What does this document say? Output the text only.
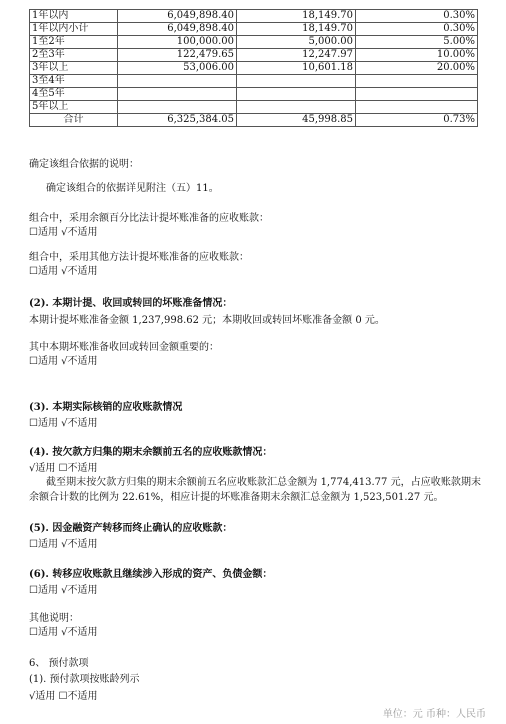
1年以内	6,049,898.40	18,149.70	0.30%
1年以内小计	6,049,898.40	18,149.70	0.30%
1至2年	100,000.00	5,000.00	5.00%
2至3年	122,479.65	12,247.97	10.00%
3年以上	53,006.00	10,601.18	20.00%
3至4年			
4至5年			
5年以上			
合计	6,325,384.05	45,998.85	0.73%
确定该组合依据的说明：
确定该组合的依据详见附注（五）11。
组合中，采用余额百分比法计提坏账准备的应收账款：
☐适用 √不适用
组合中，采用其他方法计提坏账准备的应收账款：
☐适用 √不适用
(2). 本期计提、收回或转回的坏账准备情况：
本期计提坏账准备金额 1,237,998.62 元；本期收回或转回坏账准备金额 0 元。
其中本期坏账准备收回或转回金额重要的：
☐适用 √不适用
(3). 本期实际核销的应收账款情况
☐适用 √不适用
(4). 按欠款方归集的期末余额前五名的应收账款情况：
√适用 ☐不适用
截至期末按欠款方归集的期末余额前五名应收账款汇总金额为 1,774,413.77 元，占应收账款期末余额合计数的比例为 22.61%，相应计提的坏账准备期末余额汇总金额为 1,523,501.27 元。
(5). 因金融资产转移而终止确认的应收账款：
☐适用 √不适用
(6). 转移应收账款且继续涉入形成的资产、负债金额：
☐适用 √不适用
其他说明：
☐适用 √不适用
6、 预付款项
(1). 预付款项按账龄列示
√适用 ☐不适用
单位：元 币种：人民币
